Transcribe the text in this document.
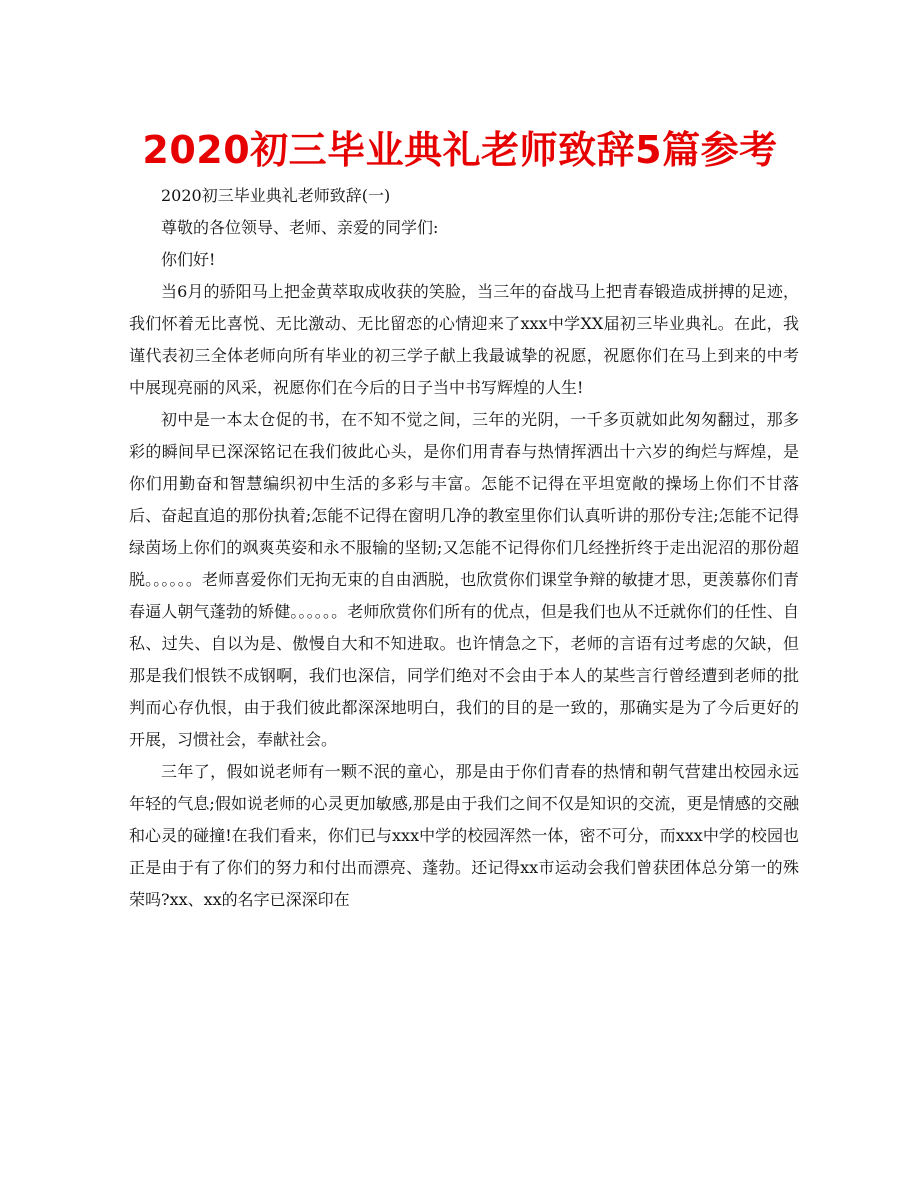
2020初三毕业典礼老师致辞5篇参考

2020初三毕业典礼老师致辞(一)

尊敬的各位领导、老师、亲爱的同学们:

你们好!

当6月的骄阳马上把金黄萃取成收获的笑脸，当三年的奋战马上把青春锻造成拼搏的足迹，我们怀着无比喜悦、无比激动、无比留恋的心情迎来了xxx中学XX届初三毕业典礼。在此，我谨代表初三全体老师向所有毕业的初三学子献上我最诚挚的祝愿，祝愿你们在马上到来的中考中展现亮丽的风采，祝愿你们在今后的日子当中书写辉煌的人生!

初中是一本太仓促的书，在不知不觉之间，三年的光阴，一千多页就如此匆匆翻过，那多彩的瞬间早已深深铭记在我们彼此心头，是你们用青春与热情挥洒出十六岁的绚烂与辉煌，是你们用勤奋和智慧编织初中生活的多彩与丰富。怎能不记得在平坦宽敞的操场上你们不甘落后、奋起直追的那份执着;怎能不记得在窗明几净的教室里你们认真听讲的那份专注;怎能不记得绿茵场上你们的飒爽英姿和永不服输的坚韧;又怎能不记得你们几经挫折终于走出泥沼的那份超脱。。。。。。老师喜爱你们无拘无束的自由洒脱，也欣赏你们课堂争辩的敏捷才思，更羡慕你们青春逼人朝气蓬勃的矫健。。。。。。老师欣赏你们所有的优点，但是我们也从不迁就你们的任性、自私、过失、自以为是、傲慢自大和不知进取。也许情急之下，老师的言语有过考虑的欠缺，但那是我们恨铁不成钢啊，我们也深信，同学们绝对不会由于本人的某些言行曾经遭到老师的批判而心存仇恨，由于我们彼此都深深地明白，我们的目的是一致的，那确实是为了今后更好的开展，习惯社会，奉献社会。

三年了，假如说老师有一颗不泯的童心，那是由于你们青春的热情和朝气营建出校园永远年轻的气息;假如说老师的心灵更加敏感,那是由于我们之间不仅是知识的交流，更是情感的交融和心灵的碰撞!在我们看来，你们已与xxx中学的校园浑然一体，密不可分，而xxx中学的校园也正是由于有了你们的努力和付出而漂亮、蓬勃。还记得xx市运动会我们曾获团体总分第一的殊荣吗?xx、xx的名字已深深印在
